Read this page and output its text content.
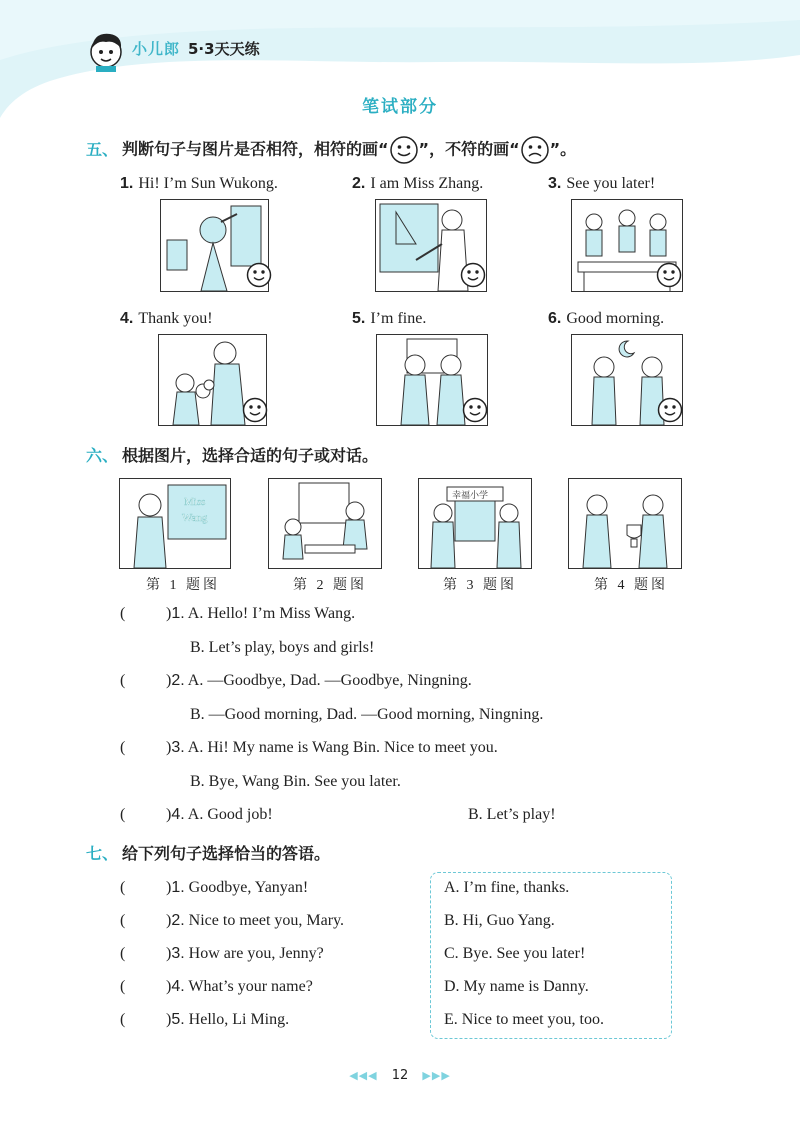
小儿郎 5·3天天练
笔试部分
五、 判断句子与图片是否相符，相符的画“ ”，不符的画“ ”。
1. Hi! I’m Sun Wukong.	2. I am Miss Zhang.	3. See you later!
4. Thank you!	5. I’m fine.	6. Good morning.
六、 根据图片，选择合适的句子或对话。
Miss
Wang
幸福小学
第 1 题图	第 2 题图	第 3 题图	第 4 题图
(	)1. A. Hello! I’m Miss Wang.
B. Let’s play, boys and girls!
(	)2. A. —Goodbye, Dad. —Goodbye, Ningning.
B. —Good morning, Dad. —Good morning, Ningning.
(	)3. A. Hi! My name is Wang Bin. Nice to meet you.
B. Bye, Wang Bin. See you later.
(	)4. A. Good job!	B. Let’s play!
七、 给下列句子选择恰当的答语。
(	)1. Goodbye, Yanyan!
(	)2. Nice to meet you, Mary.
(	)3. How are you, Jenny?
(	)4. What’s your name?
(	)5. Hello, Li Ming.
A. I’m fine, thanks.
B. Hi, Guo Yang.
C. Bye. See you later!
D. My name is Danny.
E. Nice to meet you, too.
◀◀◀ 12 ▶▶▶
